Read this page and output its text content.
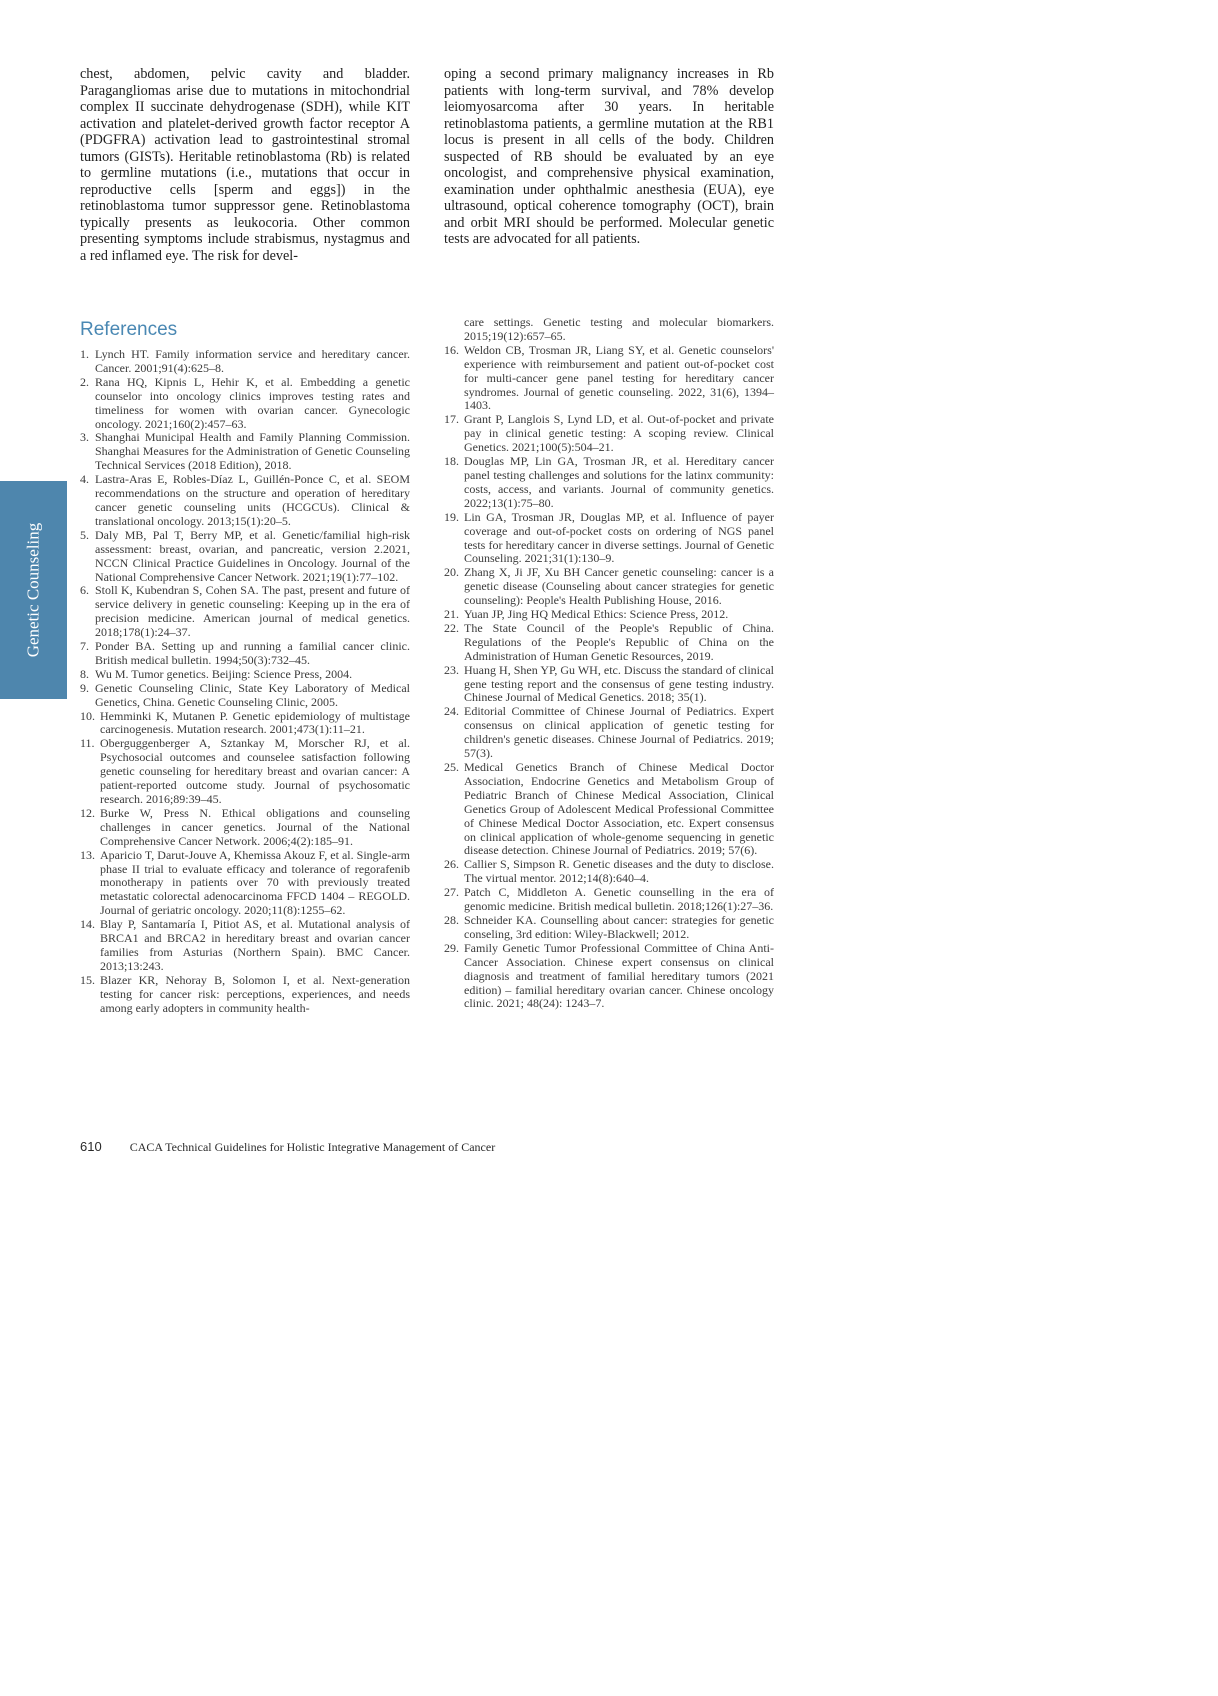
chest, abdomen, pelvic cavity and bladder. Paragangliomas arise due to mutations in mitochondrial complex II succinate dehydrogenase (SDH), while KIT activation and platelet-derived growth factor receptor A (PDGFRA) activation lead to gastrointestinal stromal tumors (GISTs). Heritable retinoblastoma (Rb) is related to germline mutations (i.e., mutations that occur in reproductive cells [sperm and eggs]) in the retinoblastoma tumor suppressor gene. Retinoblastoma typically presents as leukocoria. Other common presenting symptoms include strabismus, nystagmus and a red inflamed eye. The risk for devel-

oping a second primary malignancy increases in Rb patients with long-term survival, and 78% develop leiomyosarcoma after 30 years. In heritable retinoblastoma patients, a germline mutation at the RB1 locus is present in all cells of the body. Children suspected of RB should be evaluated by an eye oncologist, and comprehensive physical examination, examination under ophthalmic anesthesia (EUA), eye ultrasound, optical coherence tomography (OCT), brain and orbit MRI should be performed. Molecular genetic tests are advocated for all patients.

References
1. Lynch HT. Family information service and hereditary cancer. Cancer. 2001;91(4):625–8.
2. Rana HQ, Kipnis L, Hehir K, et al. Embedding a genetic counselor into oncology clinics improves testing rates and timeliness for women with ovarian cancer. Gynecologic oncology. 2021;160(2):457–63.
3. Shanghai Municipal Health and Family Planning Commission. Shanghai Measures for the Administration of Genetic Counseling Technical Services (2018 Edition), 2018.
4. Lastra-Aras E, Robles-Díaz L, Guillén-Ponce C, et al. SEOM recommendations on the structure and operation of hereditary cancer genetic counseling units (HCGCUs). Clinical & translational oncology. 2013;15(1):20–5.
5. Daly MB, Pal T, Berry MP, et al. Genetic/familial high-risk assessment: breast, ovarian, and pancreatic, version 2.2021, NCCN Clinical Practice Guidelines in Oncology. Journal of the National Comprehensive Cancer Network. 2021;19(1):77–102.
6. Stoll K, Kubendran S, Cohen SA. The past, present and future of service delivery in genetic counseling: Keeping up in the era of precision medicine. American journal of medical genetics. 2018;178(1):24–37.
7. Ponder BA. Setting up and running a familial cancer clinic. British medical bulletin. 1994;50(3):732–45.
8. Wu M. Tumor genetics. Beijing: Science Press, 2004.
9. Genetic Counseling Clinic, State Key Laboratory of Medical Genetics, China. Genetic Counseling Clinic, 2005.
10. Hemminki K, Mutanen P. Genetic epidemiology of multistage carcinogenesis. Mutation research. 2001;473(1):11–21.
11. Oberguggenberger A, Sztankay M, Morscher RJ, et al. Psychosocial outcomes and counselee satisfaction following genetic counseling for hereditary breast and ovarian cancer: A patient-reported outcome study. Journal of psychosomatic research. 2016;89:39–45.
12. Burke W, Press N. Ethical obligations and counseling challenges in cancer genetics. Journal of the National Comprehensive Cancer Network. 2006;4(2):185–91.
13. Aparicio T, Darut-Jouve A, Khemissa Akouz F, et al. Single-arm phase II trial to evaluate efficacy and tolerance of regorafenib monotherapy in patients over 70 with previously treated metastatic colorectal adenocarcinoma FFCD 1404 – REGOLD. Journal of geriatric oncology. 2020;11(8):1255–62.
14. Blay P, Santamaría I, Pitiot AS, et al. Mutational analysis of BRCA1 and BRCA2 in hereditary breast and ovarian cancer families from Asturias (Northern Spain). BMC Cancer. 2013;13:243.
15. Blazer KR, Nehoray B, Solomon I, et al. Next-generation testing for cancer risk: perceptions, experiences, and needs among early adopters in community health-
care settings. Genetic testing and molecular biomarkers. 2015;19(12):657–65.
16. Weldon CB, Trosman JR, Liang SY, et al. Genetic counselors' experience with reimbursement and patient out-of-pocket cost for multi-cancer gene panel testing for hereditary cancer syndromes. Journal of genetic counseling. 2022, 31(6), 1394–1403.
17. Grant P, Langlois S, Lynd LD, et al. Out-of-pocket and private pay in clinical genetic testing: A scoping review. Clinical Genetics. 2021;100(5):504–21.
18. Douglas MP, Lin GA, Trosman JR, et al. Hereditary cancer panel testing challenges and solutions for the latinx community: costs, access, and variants. Journal of community genetics. 2022;13(1):75–80.
19. Lin GA, Trosman JR, Douglas MP, et al. Influence of payer coverage and out-of-pocket costs on ordering of NGS panel tests for hereditary cancer in diverse settings. Journal of Genetic Counseling. 2021;31(1):130–9.
20. Zhang X, Ji JF, Xu BH Cancer genetic counseling: cancer is a genetic disease (Counseling about cancer strategies for genetic counseling): People's Health Publishing House, 2016.
21. Yuan JP, Jing HQ Medical Ethics: Science Press, 2012.
22. The State Council of the People's Republic of China. Regulations of the People's Republic of China on the Administration of Human Genetic Resources, 2019.
23. Huang H, Shen YP, Gu WH, etc. Discuss the standard of clinical gene testing report and the consensus of gene testing industry. Chinese Journal of Medical Genetics. 2018; 35(1).
24. Editorial Committee of Chinese Journal of Pediatrics. Expert consensus on clinical application of genetic testing for children's genetic diseases. Chinese Journal of Pediatrics. 2019; 57(3).
25. Medical Genetics Branch of Chinese Medical Doctor Association, Endocrine Genetics and Metabolism Group of Pediatric Branch of Chinese Medical Association, Clinical Genetics Group of Adolescent Medical Professional Committee of Chinese Medical Doctor Association, etc. Expert consensus on clinical application of whole-genome sequencing in genetic disease detection. Chinese Journal of Pediatrics. 2019; 57(6).
26. Callier S, Simpson R. Genetic diseases and the duty to disclose. The virtual mentor. 2012;14(8):640–4.
27. Patch C, Middleton A. Genetic counselling in the era of genomic medicine. British medical bulletin. 2018;126(1):27–36.
28. Schneider KA. Counselling about cancer: strategies for genetic conseling, 3rd edition: Wiley-Blackwell; 2012.
29. Family Genetic Tumor Professional Committee of China Anti-Cancer Association. Chinese expert consensus on clinical diagnosis and treatment of familial hereditary tumors (2021 edition) – familial hereditary ovarian cancer. Chinese oncology clinic. 2021; 48(24): 1243–7.
Genetic Counseling
610 CACA Technical Guidelines for Holistic Integrative Management of Cancer
